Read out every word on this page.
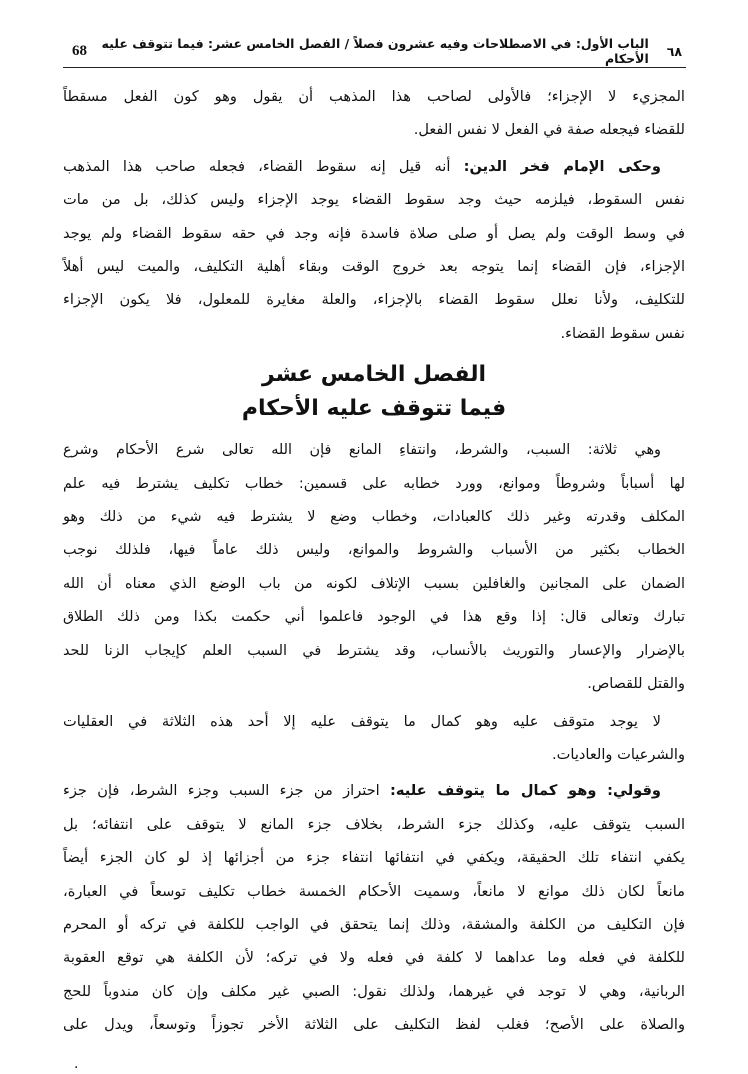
٦٨
الباب الأول: في الاصطلاحات وفيه عشرون فصلاً / الفصل الخامس عشر: فيما تتوقف عليه الأحكام
68
المجزيء لا الإجزاء؛ فالأولى لصاحب هذا المذهب أن يقول وهو كون الفعل مسقطاً
للقضاء فيجعله صفة في الفعل لا نفس الفعل.
وحكى الإمام فخر الدين: أنه قيل إنه سقوط القضاء، فجعله صاحب هذا المذهب
نفس السقوط، فيلزمه حيث وجد سقوط القضاء يوجد الإجزاء وليس كذلك، بل من مات
في وسط الوقت ولم يصل أو صلى صلاة فاسدة فإنه وجد في حقه سقوط القضاء ولم يوجد
الإجزاء، فإن القضاء إنما يتوجه بعد خروج الوقت وبقاء أهلية التكليف، والميت ليس أهلاً
للتكليف، ولأنا نعلل سقوط القضاء بالإجزاء، والعلة مغايرة للمعلول، فلا يكون الإجزاء
نفس سقوط القضاء.
الفصل الخامس عشر
فيما تتوقف عليه الأحكام
وهي ثلاثة: السبب، والشرط، وانتفاءِ المانع فإن الله تعالى شرع الأحكام وشرع
لها أسباباً وشروطاً وموانع، وورد خطابه على قسمين: خطاب تكليف يشترط فيه علم
المكلف وقدرته وغير ذلك كالعبادات، وخطاب وضع لا يشترط فيه شيء من ذلك وهو
الخطاب بكثير من الأسباب والشروط والموانع، وليس ذلك عاماً فيها، فلذلك نوجب
الضمان على المجانين والغافلين بسبب الإتلاف لكونه من باب الوضع الذي معناه أن الله
تبارك وتعالى قال: إذا وقع هذا في الوجود فاعلموا أني حكمت بكذا ومن ذلك الطلاق
بالإضرار والإعسار والتوريث بالأنساب، وقد يشترط في السبب العلم كإيجاب الزنا للحد
والقتل للقصاص.
لا يوجد متوقف عليه وهو كمال ما يتوقف عليه إلا أحد هذه الثلاثة في العقليات
والشرعيات والعاديات.
وقولي: وهو كمال ما يتوقف عليه: احتراز من جزء السبب وجزء الشرط، فإن جزء
السبب يتوقف عليه، وكذلك جزء الشرط، بخلاف جزء المانع لا يتوقف على انتفائه؛ بل
يكفي انتفاء تلك الحقيقة، ويكفي في انتفائها انتفاء جزء من أجزائها إذ لو كان الجزء أيضاً
مانعاً لكان ذلك موانع لا مانعاً، وسميت الأحكام الخمسة خطاب تكليف توسعاً في العبارة،
فإن التكليف من الكلفة والمشقة، وذلك إنما يتحقق في الواجب للكلفة في تركه أو المحرم
للكلفة في فعله وما عداهما لا كلفة في فعله ولا في تركه؛ لأن الكلفة هي توقع العقوبة
الربانية، وهي لا توجد في غيرهما، ولذلك نقول: الصبي غير مكلف وإن كان مندوباً للحج
والصلاة على الأصح؛ فغلب لفظ التكليف على الثلاثة الأخر تجوزاً وتوسعاً، ويدل على
.
